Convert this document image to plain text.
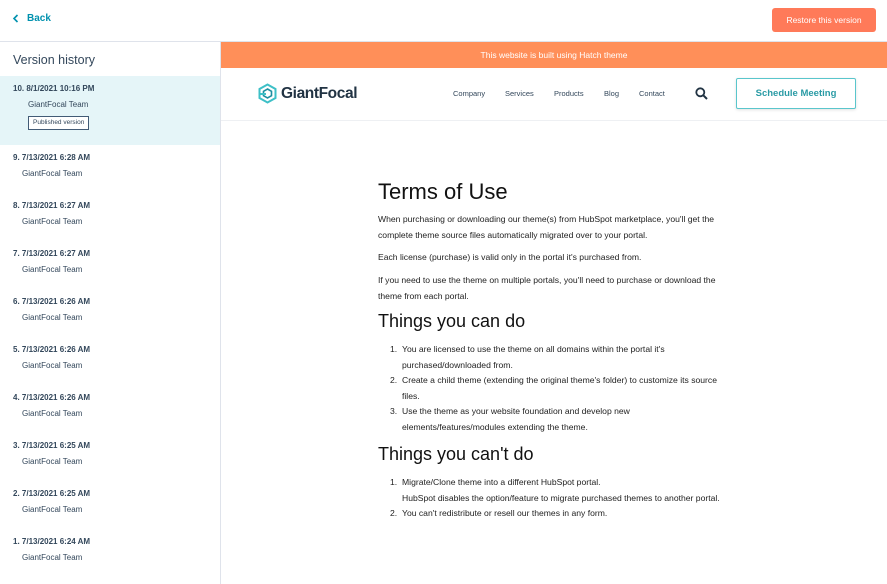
Back	Restore this version
Version history
10. 8/1/2021 10:16 PM
GiantFocal Team
Published version
9. 7/13/2021 6:28 AM
GiantFocal Team
8. 7/13/2021 6:27 AM
GiantFocal Team
7. 7/13/2021 6:27 AM
GiantFocal Team
6. 7/13/2021 6:26 AM
GiantFocal Team
5. 7/13/2021 6:26 AM
GiantFocal Team
4. 7/13/2021 6:26 AM
GiantFocal Team
3. 7/13/2021 6:25 AM
GiantFocal Team
2. 7/13/2021 6:25 AM
GiantFocal Team
1. 7/13/2021 6:24 AM
GiantFocal Team
This website is built using Hatch theme
GiantFocal	Company	Services	Products	Blog	Contact	Schedule Meeting
Terms of Use
When purchasing or downloading our theme(s) from HubSpot marketplace, you'll get the complete theme source files automatically migrated over to your portal.
Each license (purchase) is valid only in the portal it's purchased from.
If you need to use the theme on multiple portals, you'll need to purchase or download the theme from each portal.
Things you can do
1. You are licensed to use the theme on all domains within the portal it's purchased/downloaded from.
2. Create a child theme (extending the original theme's folder) to customize its source files.
3. Use the theme as your website foundation and develop new elements/features/modules extending the theme.
Things you can't do
1. Migrate/Clone theme into a different HubSpot portal.
HubSpot disables the option/feature to migrate purchased themes to another portal.
2. You can't redistribute or resell our themes in any form.
